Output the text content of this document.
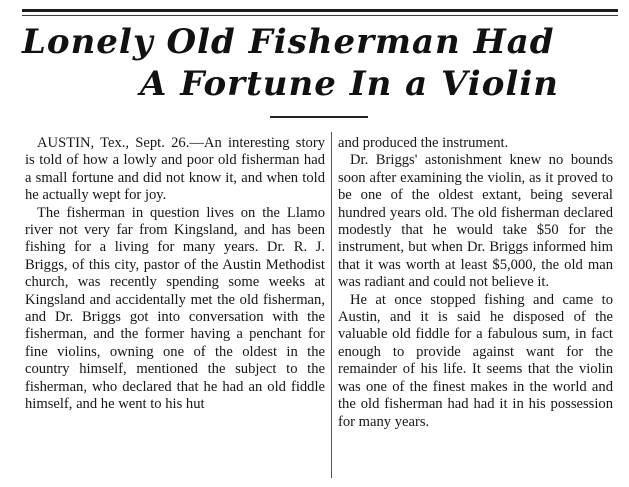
Lonely Old Fisherman Had
A Fortune In a Violin

AUSTIN, Tex., Sept. 26.—An interesting story is told of how a lowly and poor old fisherman had a small fortune and did not know it, and when told he actually wept for joy.

The fisherman in question lives on the Llamo river not very far from Kingsland, and has been fishing for a living for many years. Dr. R. J. Briggs, of this city, pastor of the Austin Methodist church, was recently spending some weeks at Kingsland and accidentally met the old fisherman, and Dr. Briggs got into conversation with the fisherman, and the former having a penchant for fine violins, owning one of the oldest in the country himself, mentioned the subject to the fisherman, who declared that he had an old fiddle himself, and he went to his hut

and produced the instrument.

Dr. Briggs' astonishment knew no bounds soon after examining the violin, as it proved to be one of the oldest extant, being several hundred years old. The old fisherman declared modestly that he would take $50 for the instrument, but when Dr. Briggs informed him that it was worth at least $5,000, the old man was radiant and could not believe it.

He at once stopped fishing and came to Austin, and it is said he disposed of the valuable old fiddle for a fabulous sum, in fact enough to provide against want for the remainder of his life. It seems that the violin was one of the finest makes in the world and the old fisherman had had it in his possession for many years.
